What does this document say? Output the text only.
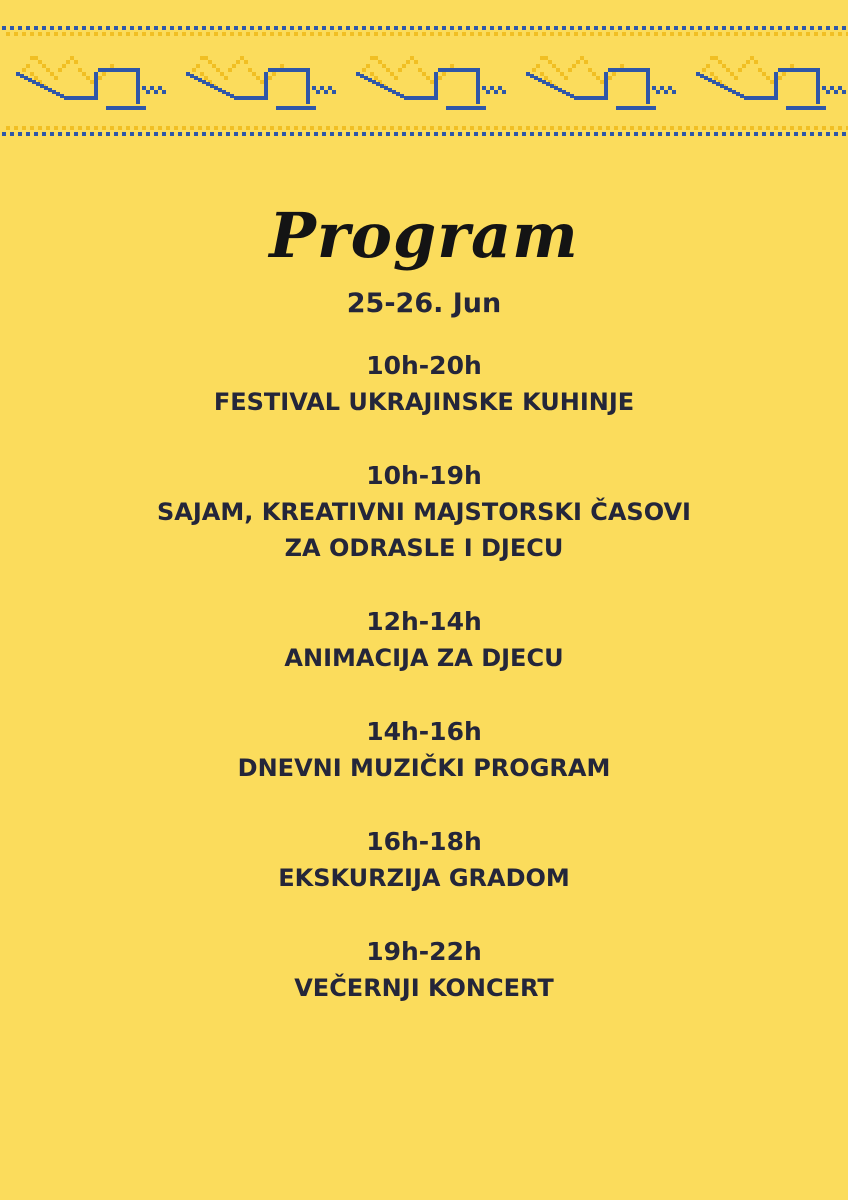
Program
25-26. Jun
10h-20h
FESTIVAL UKRAJINSKE KUHINJE
10h-19h
SAJAM, KREATIVNI MAJSTORSKI ČASOVI
ZA ODRASLE I DJECU
12h-14h
ANIMACIJA ZA DJECU
14h-16h
DNEVNI MUZIČKI PROGRAM
16h-18h
EKSKURZIJA GRADOM
19h-22h
VEČERNJI KONCERT
